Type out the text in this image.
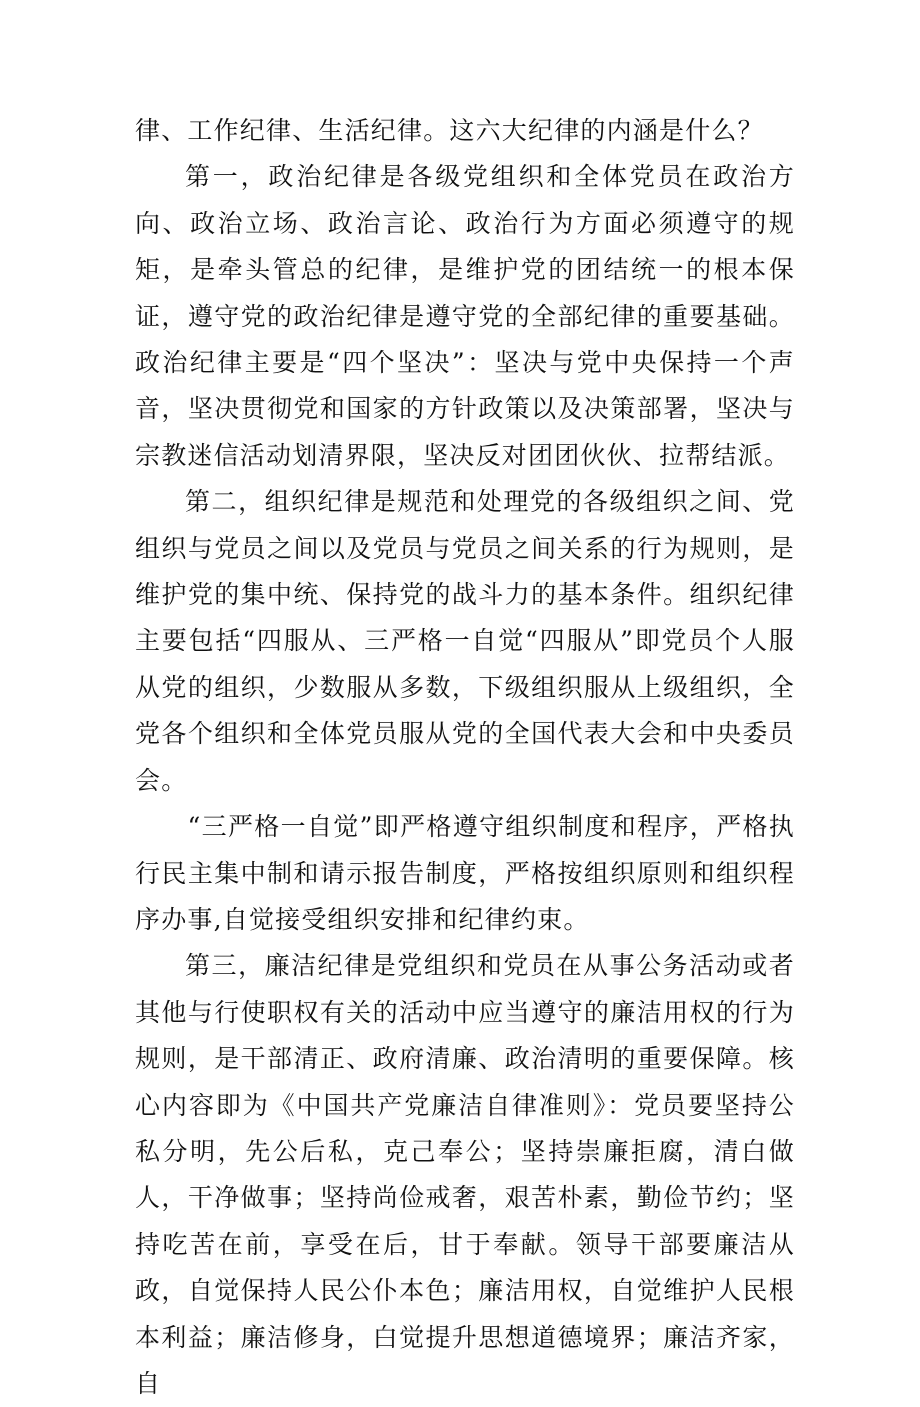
律、工作纪律、生活纪律。这六大纪律的内涵是什么？

第一，政治纪律是各级党组织和全体党员在政治方向、政治立场、政治言论、政治行为方面必须遵守的规矩，是牵头管总的纪律，是维护党的团结统一的根本保证，遵守党的政治纪律是遵守党的全部纪律的重要基础。政治纪律主要是“四个坚决”：坚决与党中央保持一个声音，坚决贯彻党和国家的方针政策以及决策部署，坚决与宗教迷信活动划清界限，坚决反对团团伙伙、拉帮结派。

第二，组织纪律是规范和处理党的各级组织之间、党组织与党员之间以及党员与党员之间关系的行为规则，是维护党的集中统、保持党的战斗力的基本条件。组织纪律主要包括“四服从、三严格一自觉“四服从”即党员个人服从党的组织，少数服从多数，下级组织服从上级组织，全党各个组织和全体党员服从党的全国代表大会和中央委员会。

“三严格一自觉”即严格遵守组织制度和程序，严格执行民主集中制和请示报告制度，严格按组织原则和组织程序办事,自觉接受组织安排和纪律约束。

第三，廉洁纪律是党组织和党员在从事公务活动或者其他与行使职权有关的活动中应当遵守的廉洁用权的行为规则，是干部清正、政府清廉、政治清明的重要保障。核心内容即为《中国共产党廉洁自律准则》：党员要坚持公私分明，先公后私，克己奉公；坚持崇廉拒腐，清白做人，干净做事；坚持尚俭戒奢，艰苦朴素，勤俭节约；坚持吃苦在前，享受在后，甘于奉献。领导干部要廉洁从政，自觉保持人民公仆本色；廉洁用权，自觉维护人民根本利益；廉洁修身，白觉提升思想道德境界；廉洁齐家，自
